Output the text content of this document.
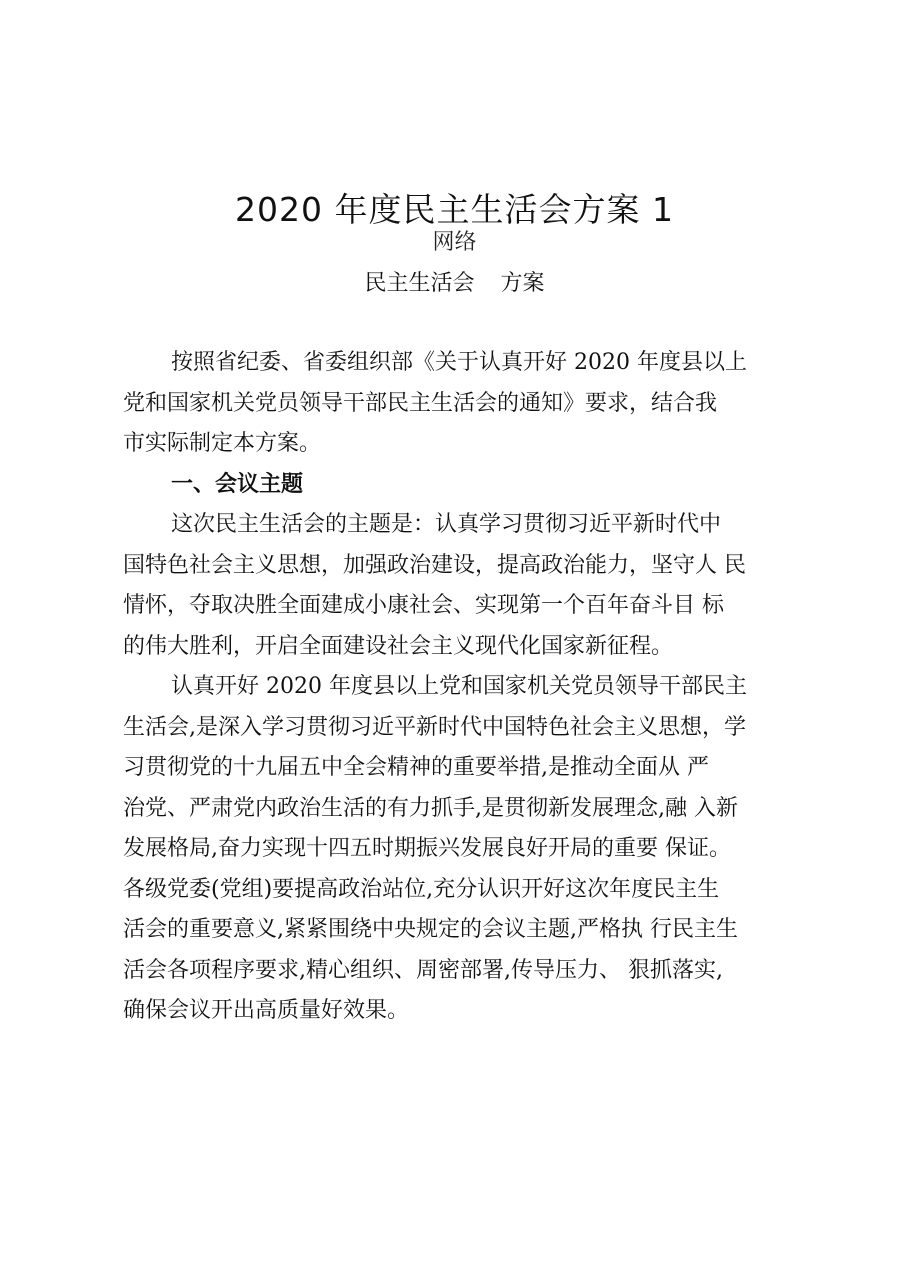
2020 年度民主生活会方案 1
网络
民主生活会 方案
按照省纪委、省委组织部《关于认真开好 2020 年度县以上
党和国家机关党员领导干部民主生活会的通知》要求，结合我
市实际制定本方案。
一、会议主题
这次民主生活会的主题是：认真学习贯彻习近平新时代中
国特色社会主义思想，加强政治建设，提高政治能力，坚守人 民
情怀，夺取决胜全面建成小康社会、实现第一个百年奋斗目 标
的伟大胜利，开启全面建设社会主义现代化国家新征程。
认真开好 2020 年度县以上党和国家机关党员领导干部民主
生活会,是深入学习贯彻习近平新时代中国特色社会主义思想，学
习贯彻党的十九届五中全会精神的重要举措,是推动全面从 严
治党、严肃党内政治生活的有力抓手,是贯彻新发展理念,融 入新
发展格局,奋力实现十四五时期振兴发展良好开局的重要 保证。
各级党委(党组)要提高政治站位,充分认识开好这次年度民主生
活会的重要意义,紧紧围绕中央规定的会议主题,严格执 行民主生
活会各项程序要求,精心组织、周密部署,传导压力、 狠抓落实,
确保会议开出高质量好效果。
